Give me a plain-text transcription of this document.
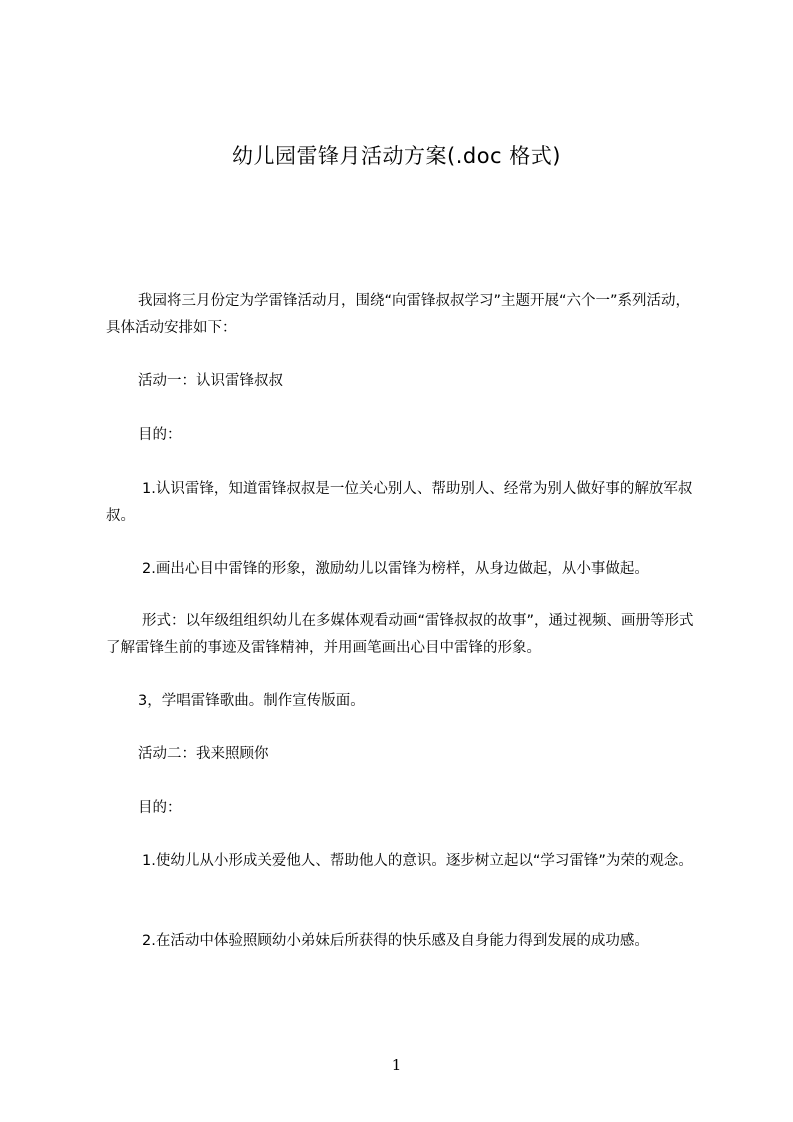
幼儿园雷锋月活动方案(.doc 格式)

我园将三月份定为学雷锋活动月，围绕“向雷锋叔叔学习”主题开展“六个一”系列活动，具体活动安排如下：

活动一：认识雷锋叔叔

目的：

1.认识雷锋，知道雷锋叔叔是一位关心别人、帮助别人、经常为别人做好事的解放军叔叔。

2.画出心目中雷锋的形象，激励幼儿以雷锋为榜样，从身边做起，从小事做起。

形式：以年级组组织幼儿在多媒体观看动画“雷锋叔叔的故事”，通过视频、画册等形式了解雷锋生前的事迹及雷锋精神，并用画笔画出心目中雷锋的形象。

3，学唱雷锋歌曲。制作宣传版面。

活动二：我来照顾你

目的：

1.使幼儿从小形成关爱他人、帮助他人的意识。逐步树立起以“学习雷锋”为荣的观念。

2.在活动中体验照顾幼小弟妹后所获得的快乐感及自身能力得到发展的成功感。

1
